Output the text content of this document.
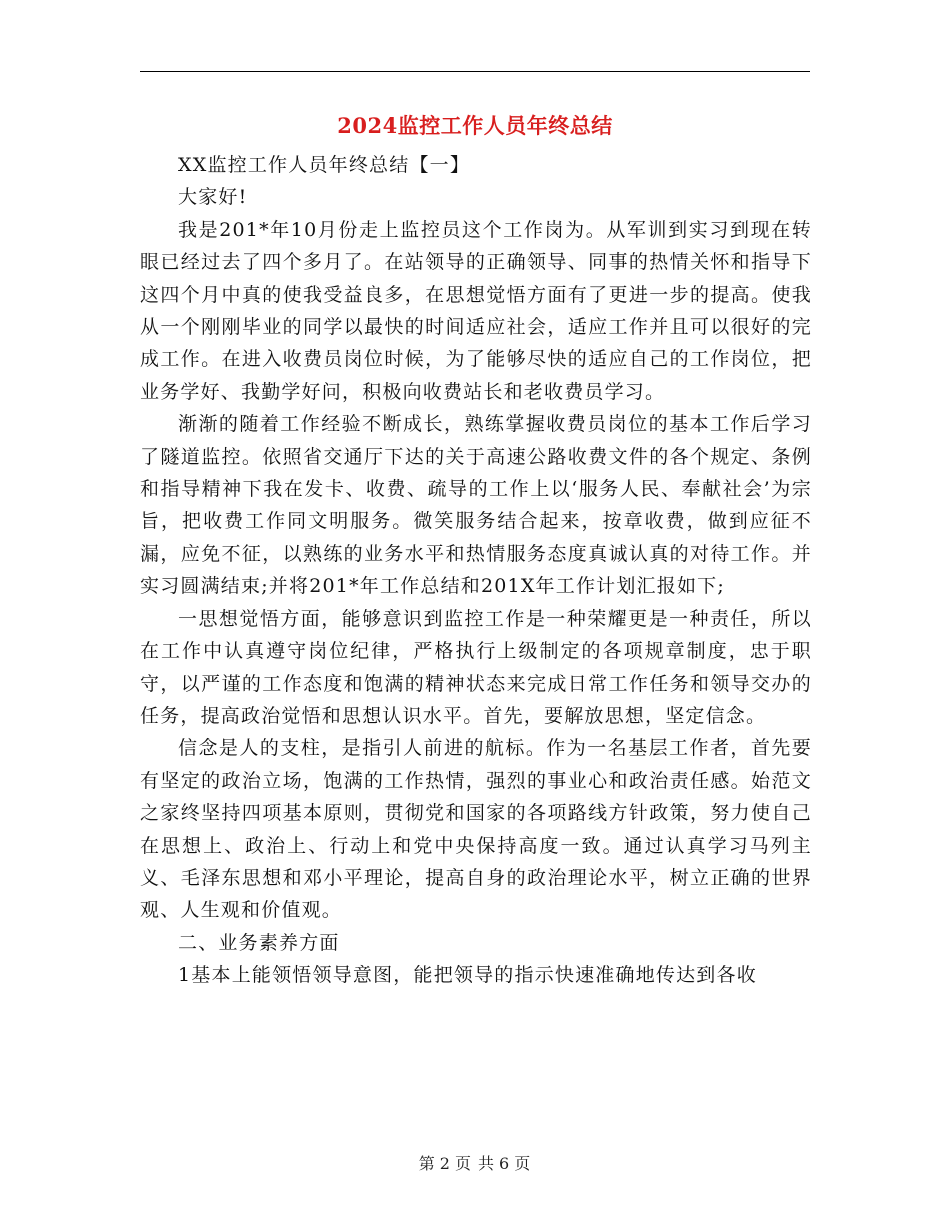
2024监控工作人员年终总结

XX监控工作人员年终总结【一】

大家好!

我是201*年10月份走上监控员这个工作岗为。从军训到实习到现在转眼已经过去了四个多月了。在站领导的正确领导、同事的热情关怀和指导下这四个月中真的使我受益良多，在思想觉悟方面有了更进一步的提高。使我从一个刚刚毕业的同学以最快的时间适应社会，适应工作并且可以很好的完成工作。在进入收费员岗位时候，为了能够尽快的适应自己的工作岗位，把业务学好、我勤学好问，积极向收费站长和老收费员学习。

渐渐的随着工作经验不断成长，熟练掌握收费员岗位的基本工作后学习了隧道监控。依照省交通厅下达的关于高速公路收费文件的各个规定、条例和指导精神下我在发卡、收费、疏导的工作上以‘服务人民、奉献社会’为宗旨，把收费工作同文明服务。微笑服务结合起来，按章收费，做到应征不漏，应免不征，以熟练的业务水平和热情服务态度真诚认真的对待工作。并实习圆满结束;并将201*年工作总结和201X年工作计划汇报如下;

一思想觉悟方面，能够意识到监控工作是一种荣耀更是一种责任，所以在工作中认真遵守岗位纪律，严格执行上级制定的各项规章制度，忠于职守，以严谨的工作态度和饱满的精神状态来完成日常工作任务和领导交办的任务，提高政治觉悟和思想认识水平。首先，要解放思想，坚定信念。

信念是人的支柱，是指引人前进的航标。作为一名基层工作者，首先要有坚定的政治立场，饱满的工作热情，强烈的事业心和政治责任感。始范文之家终坚持四项基本原则，贯彻党和国家的各项路线方针政策，努力使自己在思想上、政治上、行动上和党中央保持高度一致。通过认真学习马列主义、毛泽东思想和邓小平理论，提高自身的政治理论水平，树立正确的世界观、人生观和价值观。

二、业务素养方面

1基本上能领悟领导意图，能把领导的指示快速准确地传达到各收

第 2 页 共 6 页
